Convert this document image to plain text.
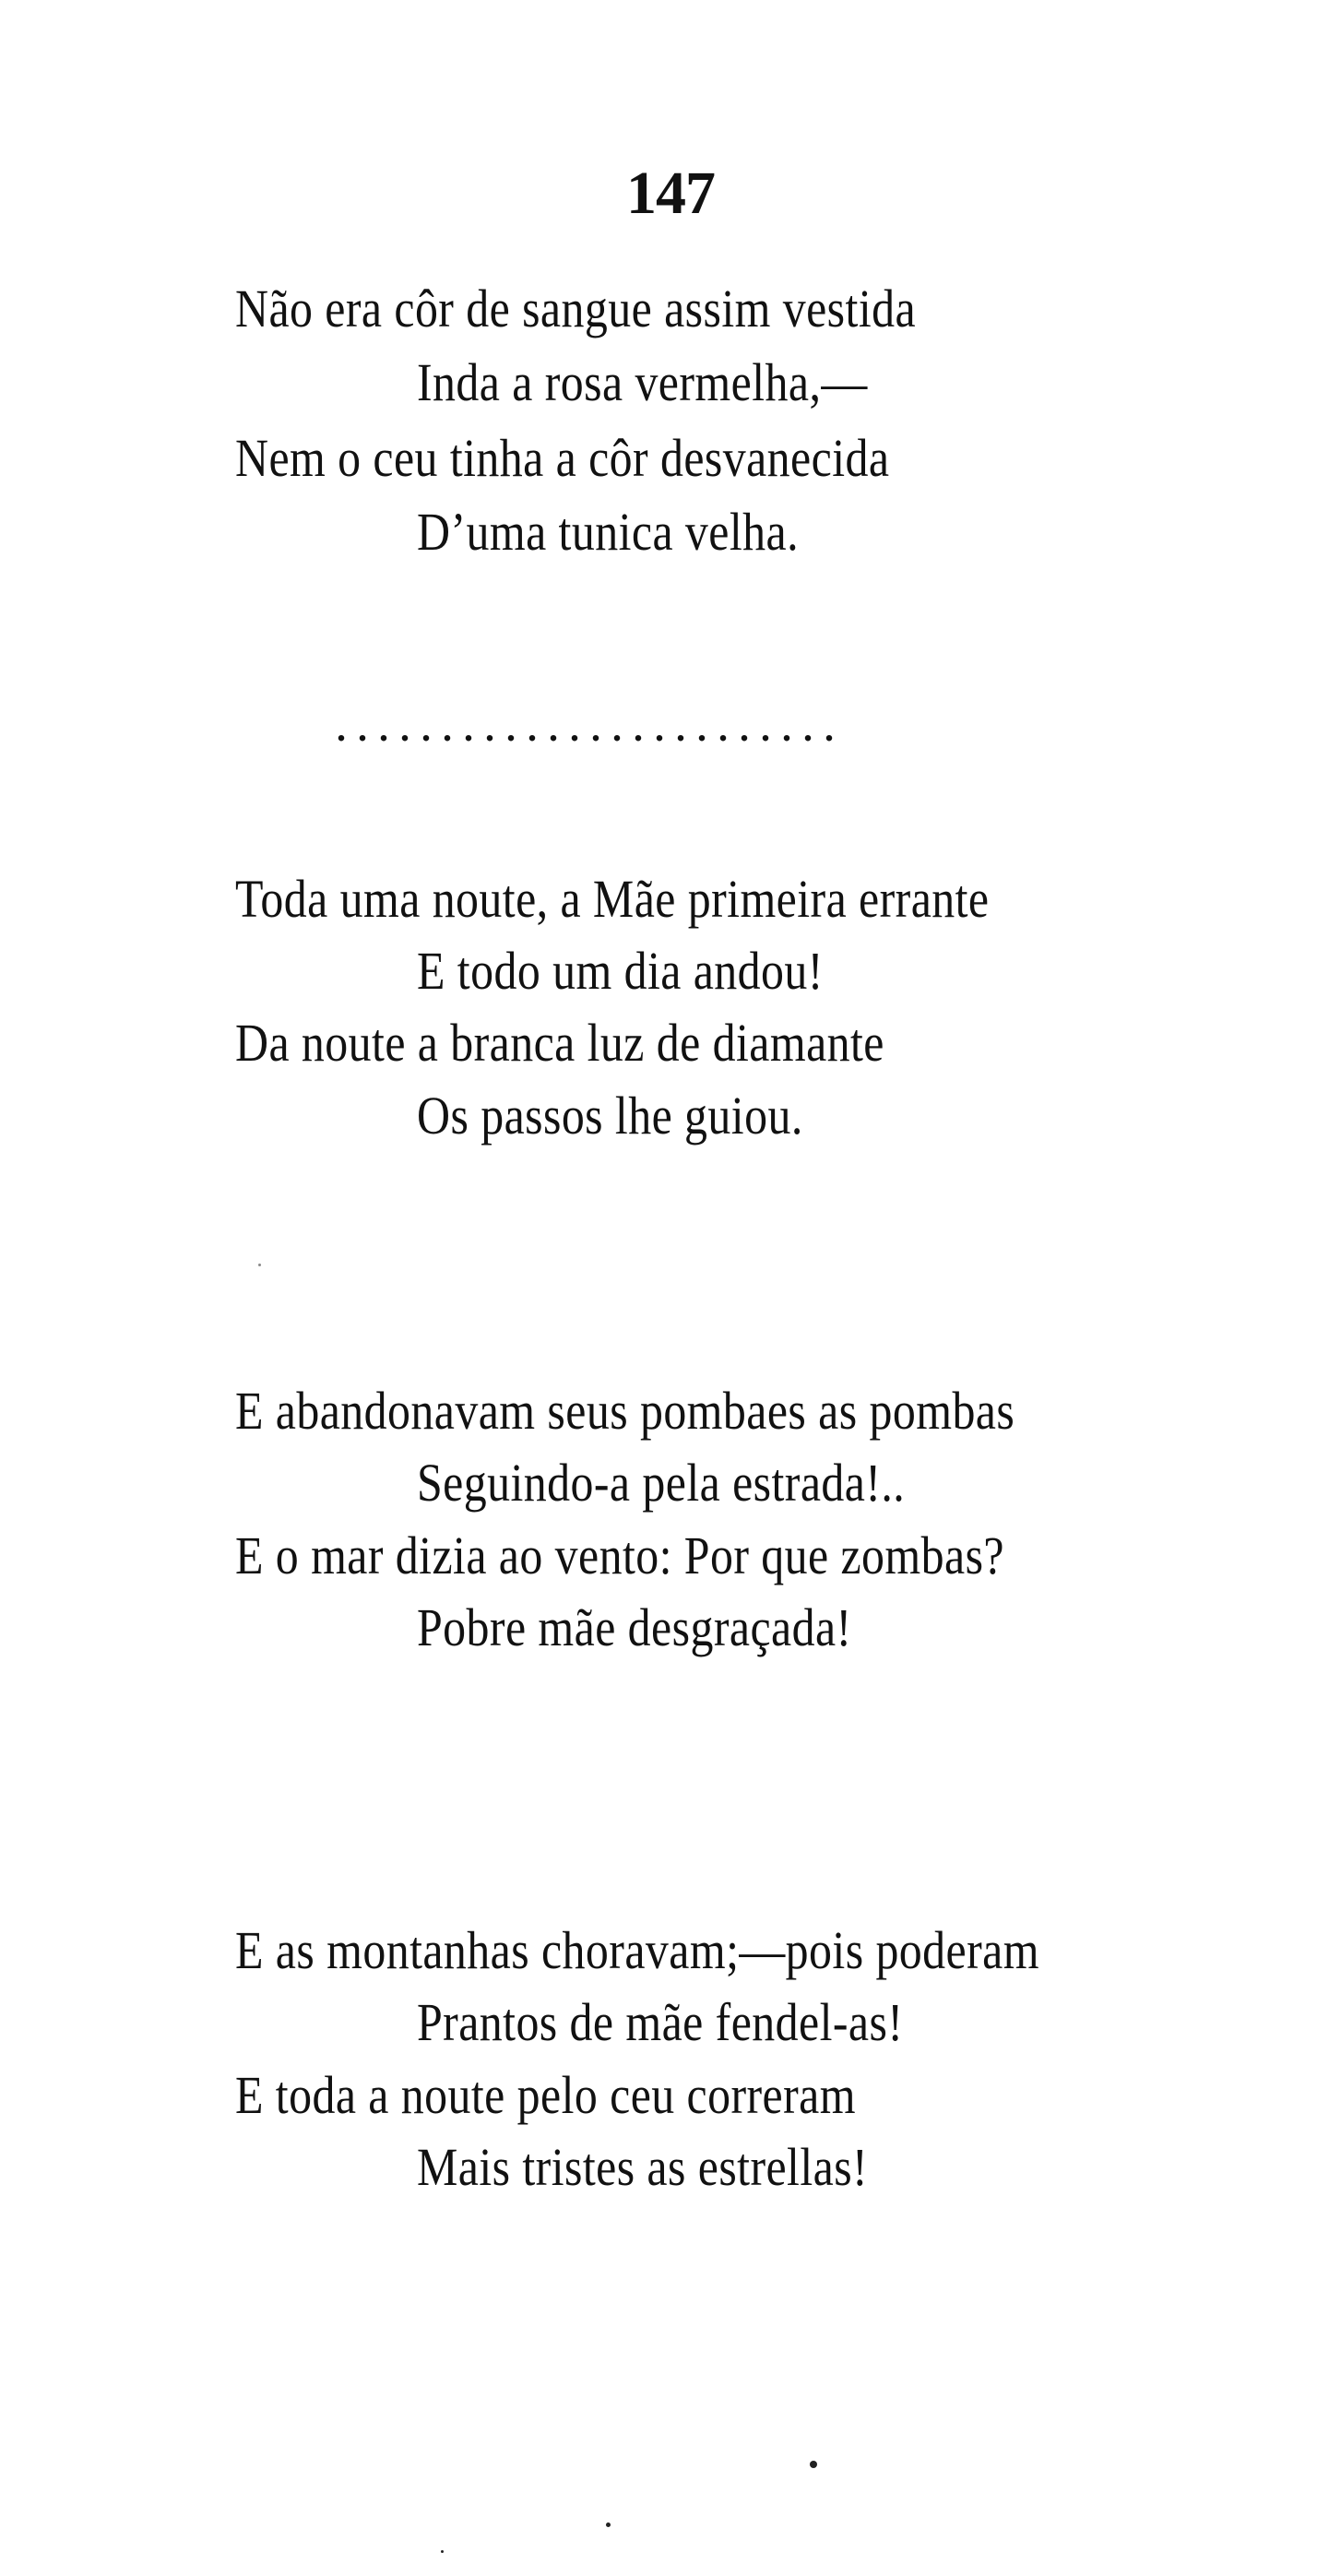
147
Não era côr de sangue assim vestida
Inda a rosa vermelha,—
Nem o ceu tinha a côr desvanecida
D’uma tunica velha.
........................
Toda uma noute, a Mãe primeira errante
E todo um dia andou!
Da noute a branca luz de diamante
Os passos lhe guiou.
E abandonavam seus pombaes as pombas
Seguindo-a pela estrada!..
E o mar dizia ao vento: Por que zombas?
Pobre mãe desgraçada!
E as montanhas choravam;—pois poderam
Prantos de mãe fendel-as!
E toda a noute pelo ceu correram
Mais tristes as estrellas!
